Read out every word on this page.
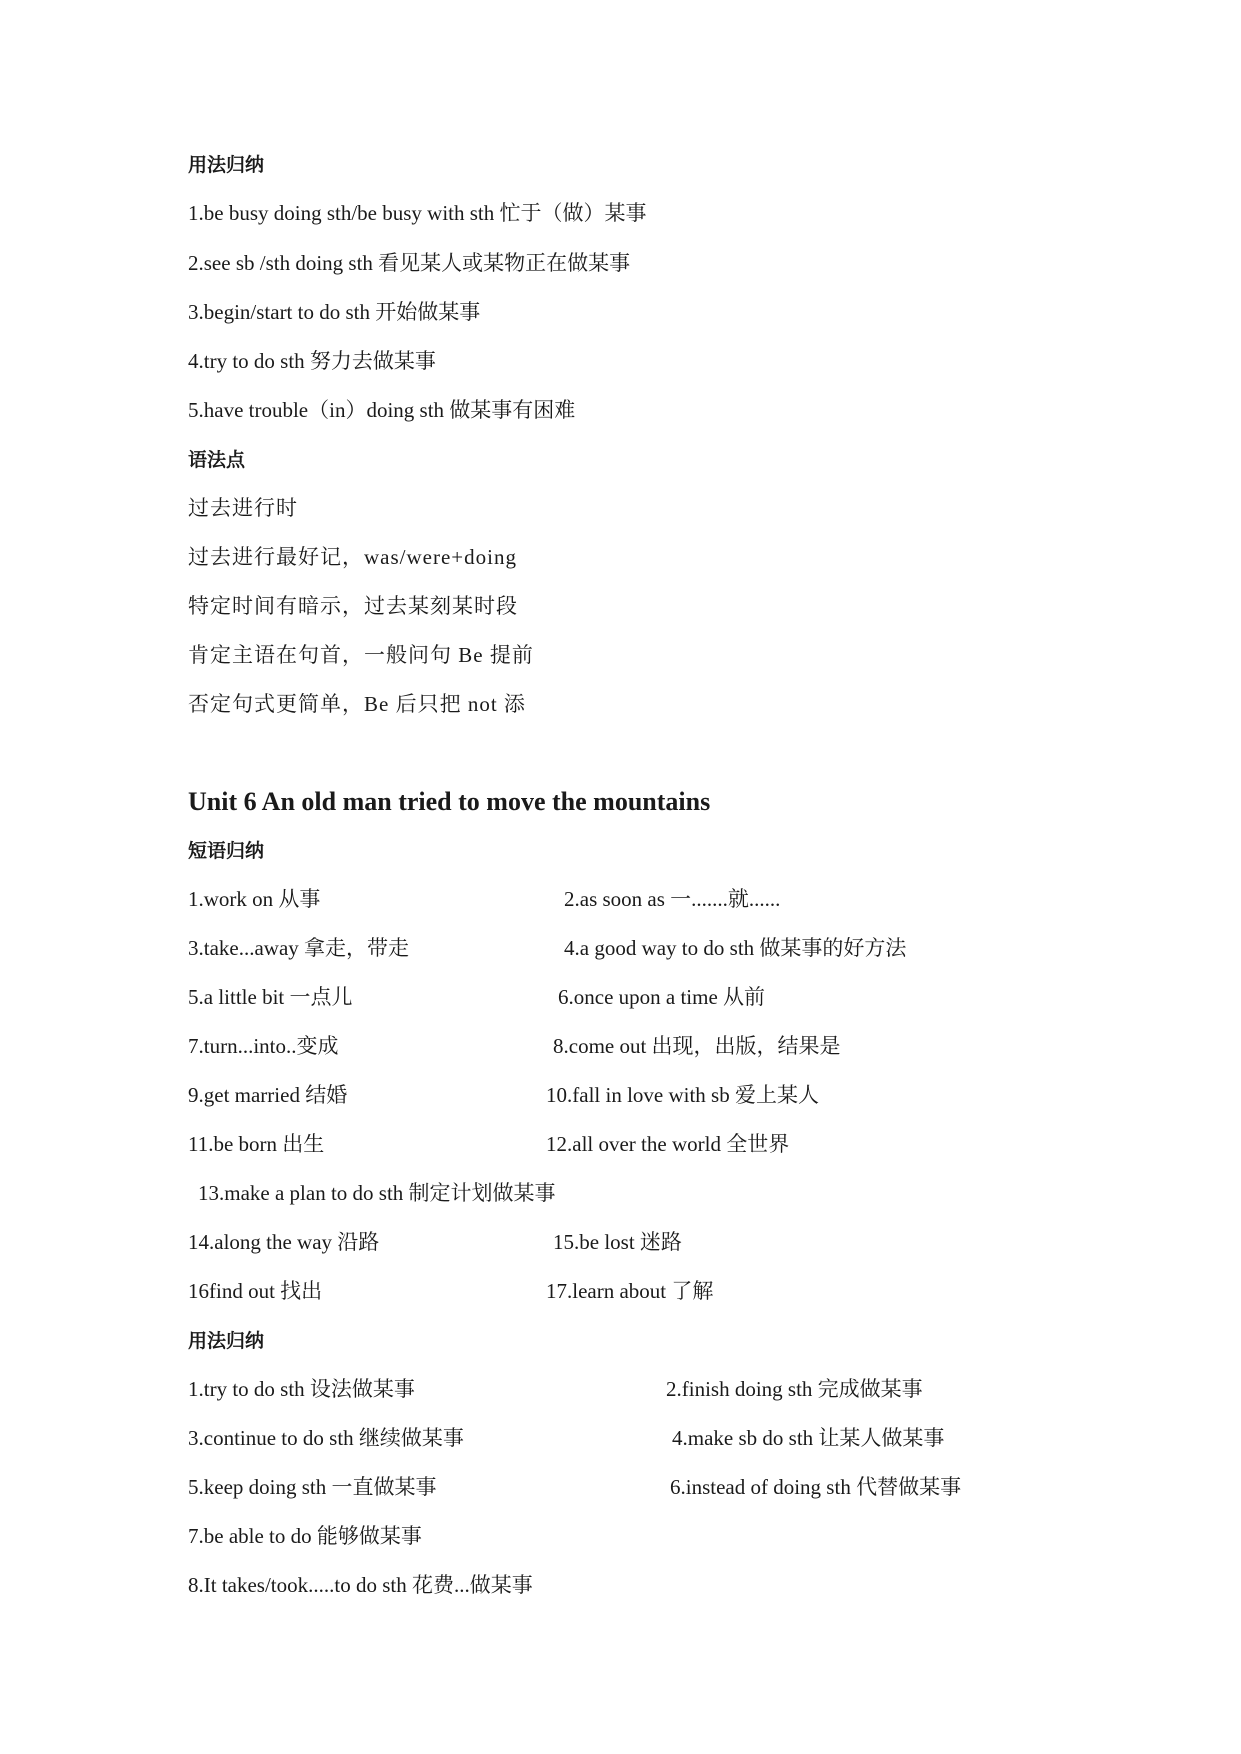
用法归纳
1.be busy doing sth/be busy with sth 忙于（做）某事
2.see sb /sth doing sth 看见某人或某物正在做某事
3.begin/start to do sth 开始做某事
4.try to do sth 努力去做某事
5.have trouble（in）doing sth 做某事有困难
语法点
过去进行时
过去进行最好记，was/were+doing
特定时间有暗示，过去某刻某时段
肯定主语在句首，一般问句 Be 提前
否定句式更简单，Be 后只把 not 添
Unit 6 An old man tried to move the mountains
短语归纳
1.work on 从事	2.as soon as 一.......就......
3.take...away 拿走，带走	4.a good way to do sth 做某事的好方法
5.a little bit 一点儿	6.once upon a time 从前
7.turn...into..变成	8.come out 出现，出版，结果是
9.get married 结婚	10.fall in love with sb 爱上某人
11.be born 出生	12.all over the world 全世界
13.make a plan to do sth 制定计划做某事
14.along the way 沿路	15.be lost 迷路
16find out 找出	17.learn about 了解
用法归纳
1.try to do sth 设法做某事	2.finish doing sth 完成做某事
3.continue to do sth 继续做某事	4.make sb do sth 让某人做某事
5.keep doing sth 一直做某事	6.instead of doing sth 代替做某事
7.be able to do 能够做某事
8.It takes/took.....to do sth 花费...做某事
